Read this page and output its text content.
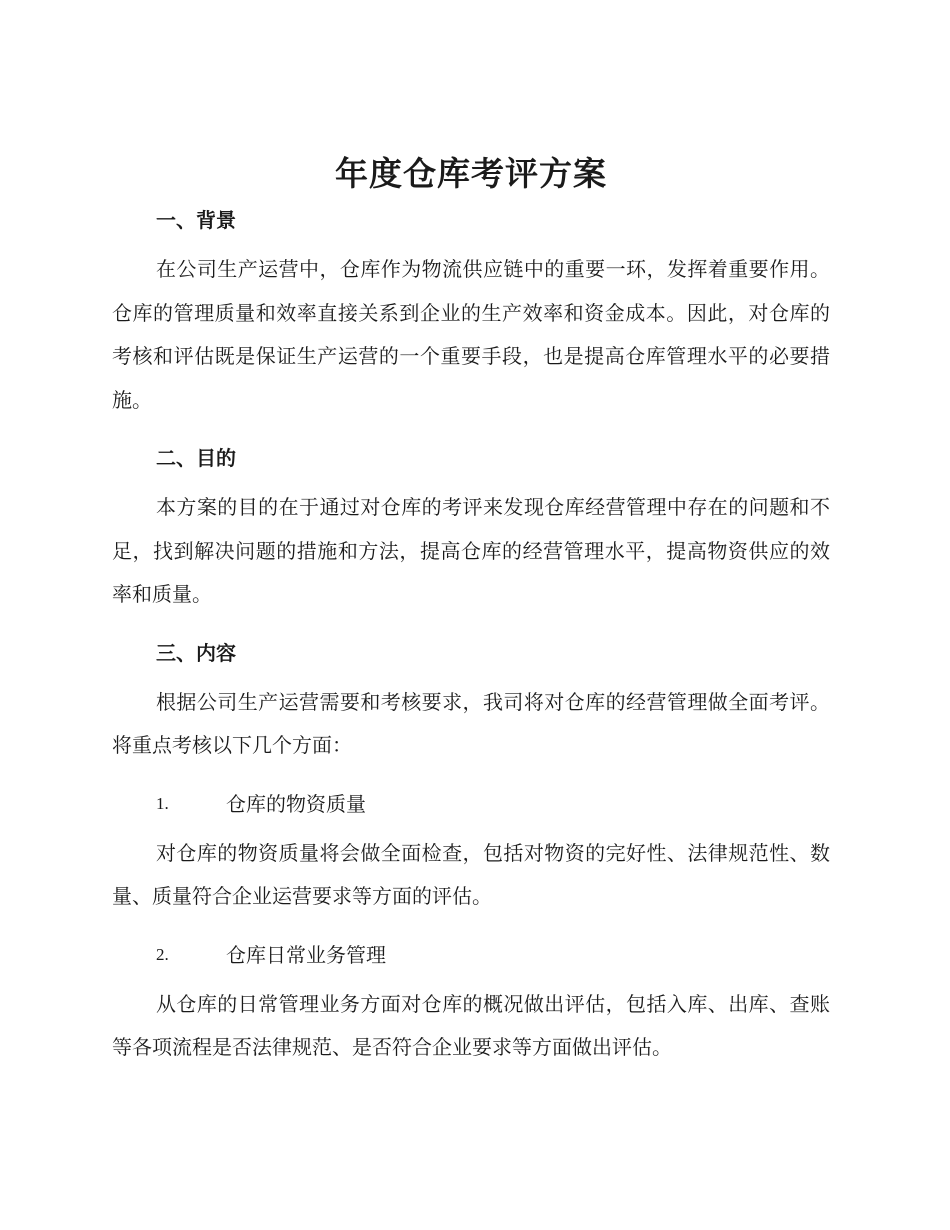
年度仓库考评方案
一、背景

在公司生产运营中，仓库作为物流供应链中的重要一环，发挥着重要作用。仓库的管理质量和效率直接关系到企业的生产效率和资金成本。因此，对仓库的考核和评估既是保证生产运营的一个重要手段，也是提高仓库管理水平的必要措施。

二、目的

本方案的目的在于通过对仓库的考评来发现仓库经营管理中存在的问题和不足，找到解决问题的措施和方法，提高仓库的经营管理水平，提高物资供应的效率和质量。

三、内容

根据公司生产运营需要和考核要求，我司将对仓库的经营管理做全面考评。将重点考核以下几个方面：

1.	仓库的物资质量

对仓库的物资质量将会做全面检查，包括对物资的完好性、法律规范性、数量、质量符合企业运营要求等方面的评估。

2.	仓库日常业务管理

从仓库的日常管理业务方面对仓库的概况做出评估，包括入库、出库、查账等各项流程是否法律规范、是否符合企业要求等方面做出评估。
